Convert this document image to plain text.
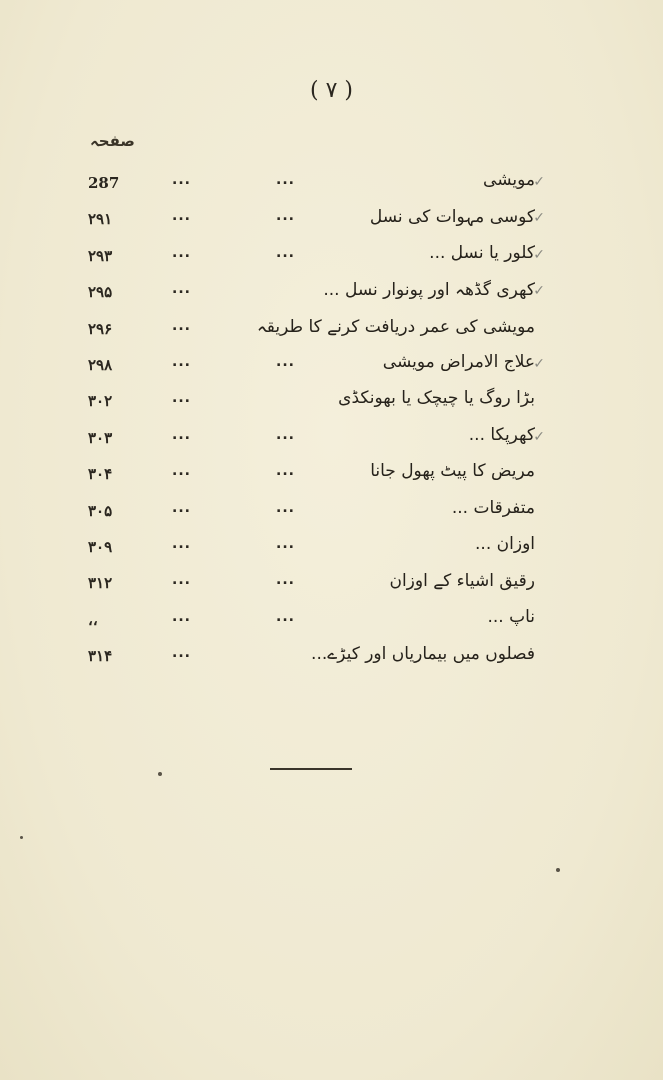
( ٧ )
صفحہ
287	...	...	مویشی
✓
۲۹۱	...	...	کوسی مہوات کی نسل
✓
۲۹۳	...	...	کلور یا نسل ...
✓
۲۹۵	...	کھری گڈھہ اور پونوار نسل ...
✓
۲۹۶	...	مویشی کی عمر دریافت کرنے کا طریقہ
۲۹۸	...	...	علاج الامراض مویشی
✓
۳۰۲	...	بڑا روگ یا چیچک یا بھونکڈی
۳۰۳	...	...	کھرپکا ...
✓
۳۰۴	...	...	مریض کا پیٹ پھول جانا
۳۰۵	...	...	متفرقات ...
۳۰۹	...	...	اوزان ...
۳۱۲	...	...	رقیق اشیاء کے اوزان
،،	...	...	ناپ ...
۳۱۴	...	فصلوں میں بیماریاں اور کیڑے...
